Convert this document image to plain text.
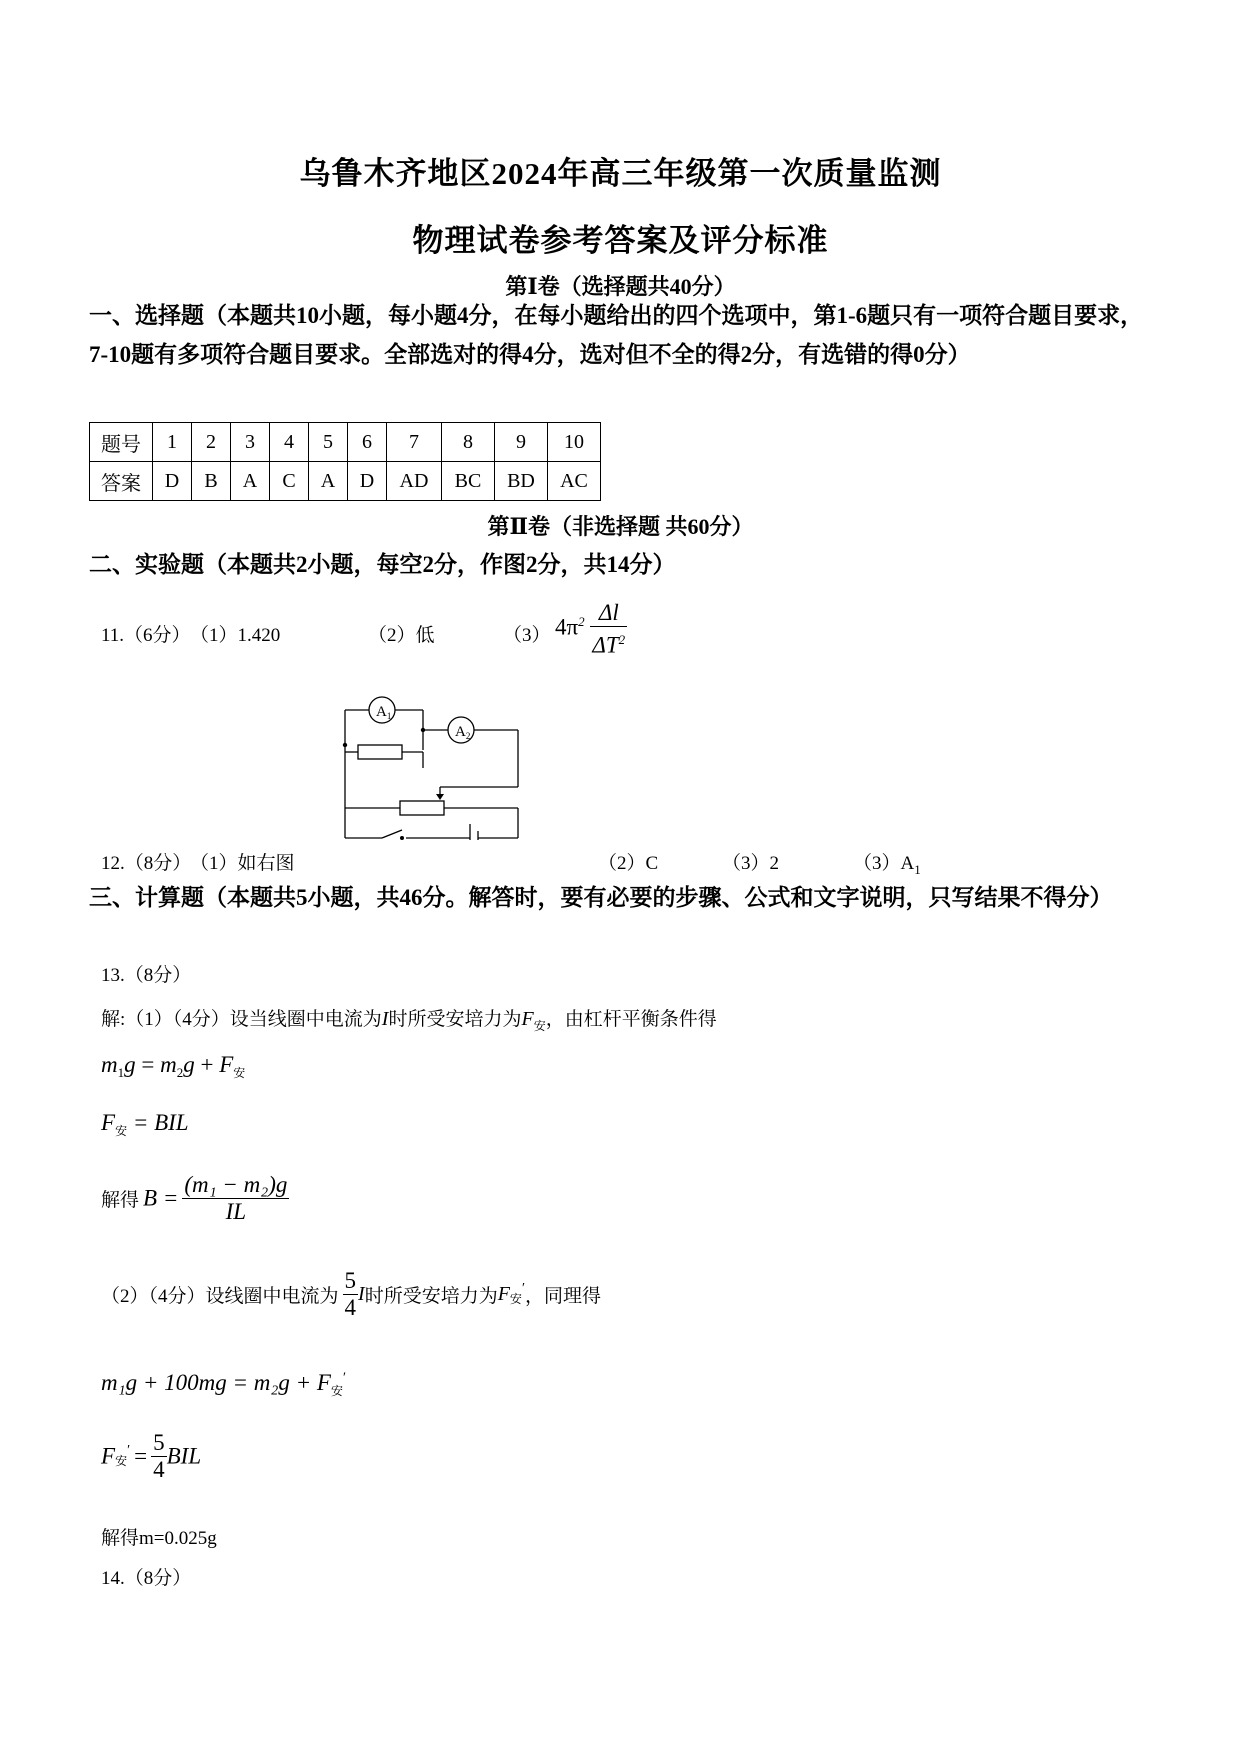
乌鲁木齐地区2024年高三年级第一次质量监测
物理试卷参考答案及评分标准
第Ⅰ卷（选择题共40分）
一、选择题（本题共10小题，每小题4分，在每小题给出的四个选项中，第1-6题只有一项符合题目要求，7-10题有多项符合题目要求。全部选对的得4分，选对但不全的得2分，有选错的得0分）
题号	1	2	3	4	5	6	7	8	9	10
答案	D	B	A	C	A	D	AD	BC	BD	AC
第Ⅱ卷（非选择题 共60分）
二、实验题（本题共2小题，每空2分，作图2分，共14分）
11.（6分） （1）1.420	（2）低	（3） $4\pi^2 \frac{\Delta l}{\Delta T^2}$
$A_1$
$A_2$
12.（8分）
（1）如右图	（2）C	（3）2	$(3)A_1$
三、计算题（本题共5小题，共46分。解答时，要有必要的步骤、公式和文字说明，只写结果不得分）
13.（8分）
解:（1）（4分）设当线圈中电流为I时所受安培力为$F_安$，由杠杆平衡条件得
$m_1g = m_2g + F_安$
$F_安$ = BIL
解得 $B = \frac{\text{(m₁ − m₂)g}}{IL}$
（2）（4分）设线圈中电流为 $\frac{5}{4}$ I时所受安培力为$F_安'$，同理得
$m_1g + 100mg = m_2g + F_安'$
$F_安' = \frac{5}{4}$ BIL
解得m=0.025g
14.（8分）
